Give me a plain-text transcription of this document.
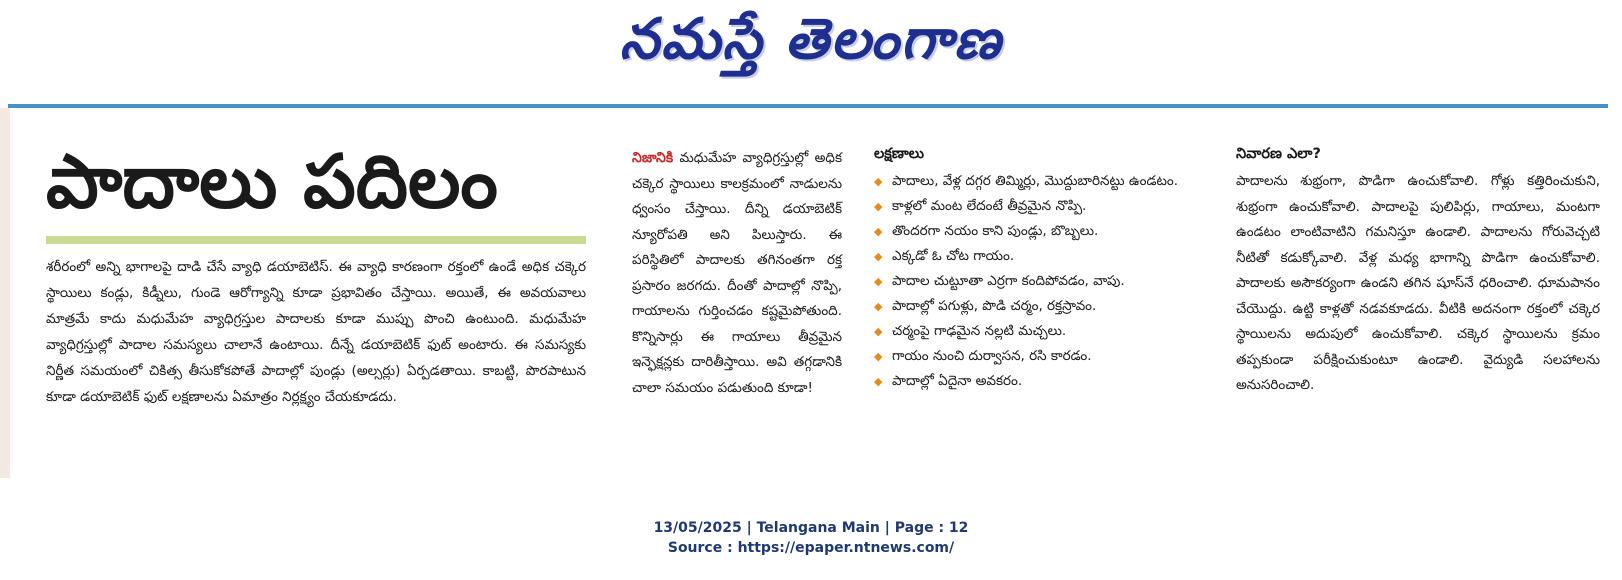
నమస్తే తెలంగాణ
పాదాలు పదిలం
శరీరంలో అన్ని భాగాలపై దాడి చేసే వ్యాధి డయాబెటిస్. ఈ వ్యాధి కారణంగా రక్తంలో ఉండే అధిక చక్కెర స్థాయిలు కండ్లు, కిడ్నీలు, గుండె ఆరోగ్యాన్ని కూడా ప్రభావితం చేస్తాయి. అయితే, ఈ అవయవాలు మాత్రమే కాదు మధుమేహ వ్యాధిగ్రస్తుల పాదాలకు కూడా ముప్పు పొంచి ఉంటుంది. మధుమేహ వ్యాధిగ్రస్తుల్లో పాదాల సమస్యలు చాలానే ఉంటాయి. దీన్నే డయాబెటిక్ ఫుట్ అంటారు. ఈ సమస్యకు నిర్ణీత సమయంలో చికిత్స తీసుకోకపోతే పాదాల్లో పుండ్లు (అల్సర్లు) ఏర్పడతాయి. కాబట్టి, పొరపాటున కూడా డయాబెటిక్ ఫుట్ లక్షణాలను ఏమాత్రం నిర్లక్ష్యం చేయకూడదు.
నిజానికి మధుమేహ వ్యాధిగ్రస్తుల్లో అధిక చక్కెర స్థాయిలు కాలక్రమంలో నాడులను ధ్వంసం చేస్తాయి. దీన్ని డయాబెటిక్ న్యూరోపతి అని పిలుస్తారు. ఈ పరిస్థితిలో పాదాలకు తగినంతగా రక్త ప్రసారం జరగదు. దీంతో పాదాల్లో నొప్పి, గాయాలను గుర్తించడం కష్టమైపోతుంది. కొన్నిసార్లు ఈ గాయాలు తీవ్రమైన ఇన్ఫెక్షన్లకు దారితీస్తాయి. అవి తగ్గడానికి చాలా సమయం పడుతుంది కూడా!
లక్షణాలు
◆ పాదాలు, వేళ్ల దగ్గర తిమ్మిర్లు, మొద్దుబారినట్టు ఉండటం.
◆ కాళ్లలో మంట లేదంటే తీవ్రమైన నొప్పి.
◆ తొందరగా నయం కాని పుండ్లు, బొబ్బలు.
◆ ఎక్కడో ఓ చోట గాయం.
◆ పాదాల చుట్టూతా ఎర్రగా కందిపోవడం, వాపు.
◆ పాదాల్లో పగుళ్లు, పొడి చర్మం, రక్తస్రావం.
◆ చర్మంపై గాఢమైన నల్లటి మచ్చలు.
◆ గాయం నుంచి దుర్వాసన, రసి కారడం.
◆ పాదాల్లో ఏదైనా అవకరం.
నివారణ ఎలా?

పాదాలను శుభ్రంగా, పొడిగా ఉంచుకోవాలి. గోళ్లు కత్తిరించుకుని, శుభ్రంగా ఉంచుకోవాలి. పాదాలపై పులిపిర్లు, గాయాలు, మంటగా ఉండటం లాంటివాటిని గమనిస్తూ ఉండాలి. పాదాలను గోరువెచ్చటి నీటితో కడుక్కోవాలి. వేళ్ల మధ్య భాగాన్ని పొడిగా ఉంచుకోవాలి. పాదాలకు అసౌకర్యంగా ఉండని తగిన షూస్‌నే ధరించాలి. ధూమపానం చేయొద్దు. ఉట్టి కాళ్లతో నడవకూడదు. వీటికి అదనంగా రక్తంలో చక్కెర స్థాయిలను అదుపులో ఉంచుకోవాలి. చక్కెర స్థాయిలను క్రమం తప్పకుండా పరీక్షించుకుంటూ ఉండాలి. వైద్యుడి సలహాలను అనుసరించాలి.

13/05/2025 | Telangana Main | Page : 12
Source : https://epaper.ntnews.com/
